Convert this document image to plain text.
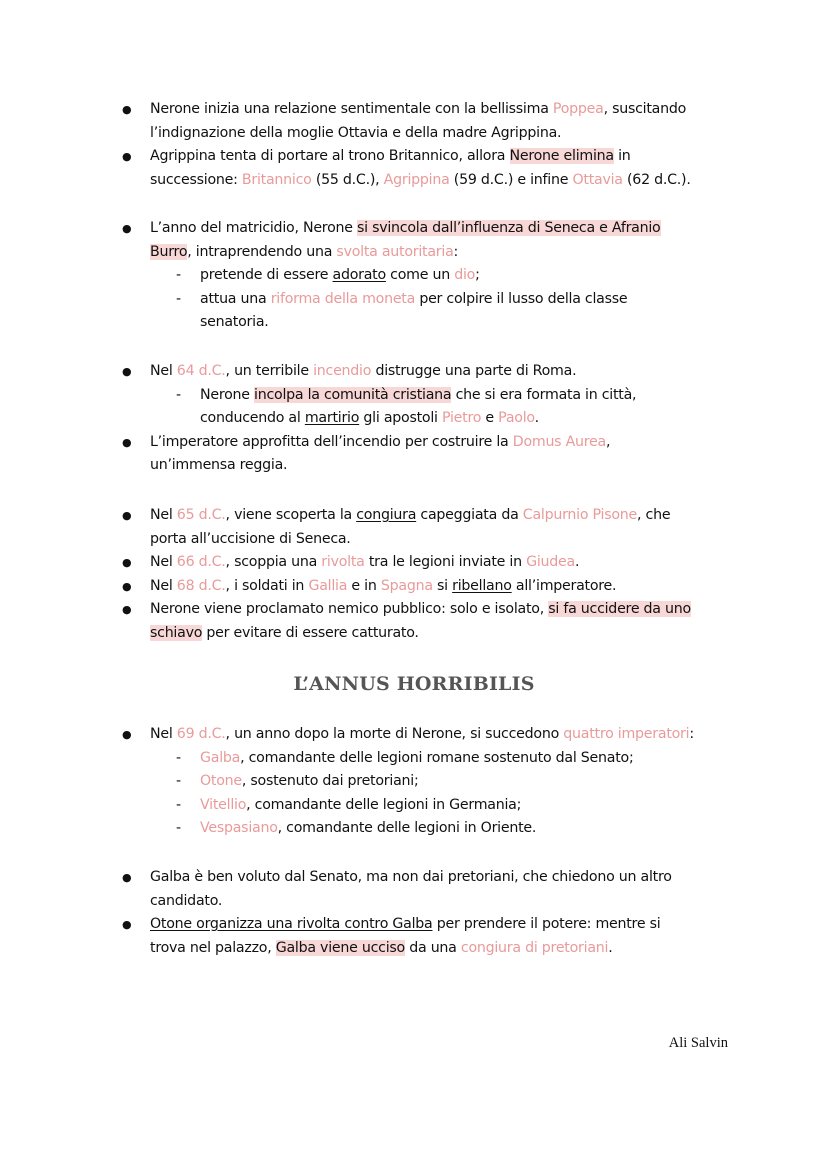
● Nerone inizia una relazione sentimentale con la bellissima Poppea, suscitando
l’indignazione della moglie Ottavia e della madre Agrippina.
● Agrippina tenta di portare al trono Britannico, allora Nerone elimina in
successione: Britannico (55 d.C.), Agrippina (59 d.C.) e infine Ottavia (62 d.C.).
● L’anno del matricidio, Nerone si svincola dall’influenza di Seneca e Afranio
Burro, intraprendendo una svolta autoritaria:
- pretende di essere adorato come un dio;
- attua una riforma della moneta per colpire il lusso della classe
senatoria.
● Nel 64 d.C., un terribile incendio distrugge una parte di Roma.
- Nerone incolpa la comunità cristiana che si era formata in città,
conducendo al martirio gli apostoli Pietro e Paolo.
● L’imperatore approfitta dell’incendio per costruire la Domus Aurea,
un’immensa reggia.
● Nel 65 d.C., viene scoperta la congiura capeggiata da Calpurnio Pisone, che
porta all’uccisione di Seneca.
● Nel 66 d.C., scoppia una rivolta tra le legioni inviate in Giudea.
● Nel 68 d.C., i soldati in Gallia e in Spagna si ribellano all’imperatore.
● Nerone viene proclamato nemico pubblico: solo e isolato, si fa uccidere da uno
schiavo per evitare di essere catturato.
L’ANNUS HORRIBILIS
● Nel 69 d.C., un anno dopo la morte di Nerone, si succedono quattro imperatori:
- Galba, comandante delle legioni romane sostenuto dal Senato;
- Otone, sostenuto dai pretoriani;
- Vitellio, comandante delle legioni in Germania;
- Vespasiano, comandante delle legioni in Oriente.
● Galba è ben voluto dal Senato, ma non dai pretoriani, che chiedono un altro
candidato.
● Otone organizza una rivolta contro Galba per prendere il potere: mentre si
trova nel palazzo, Galba viene ucciso da una congiura di pretoriani.
Ali Salvin
